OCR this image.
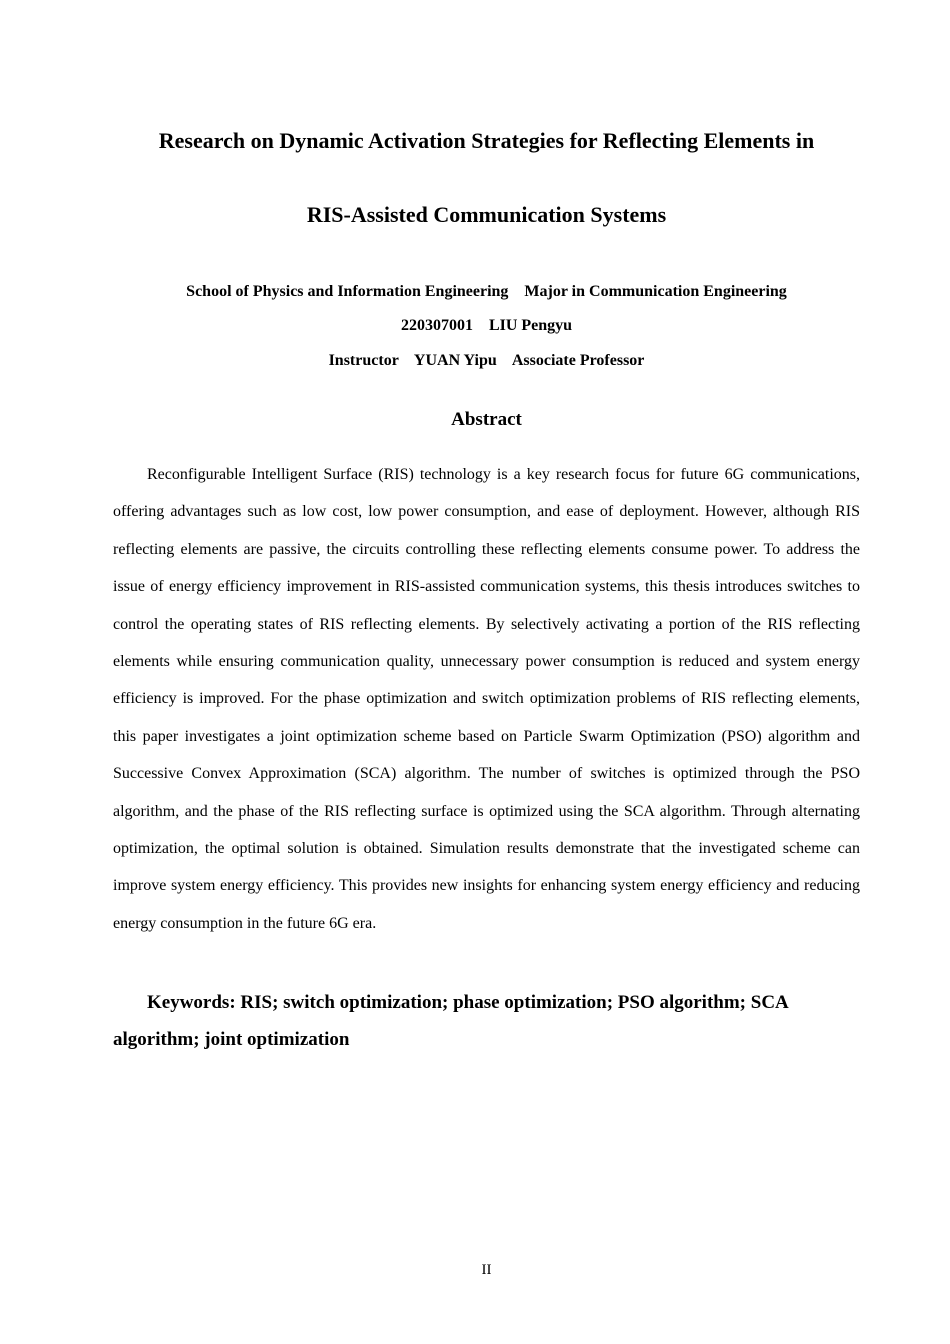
Research on Dynamic Activation Strategies for Reflecting Elements in
RIS-Assisted Communication Systems
School of Physics and Information Engineering    Major in Communication Engineering
220307001    LIU Pengyu
Instructor    YUAN Yipu    Associate Professor
Abstract

Reconfigurable Intelligent Surface (RIS) technology is a key research focus for future 6G communications, offering advantages such as low cost, low power consumption, and ease of deployment. However, although RIS reflecting elements are passive, the circuits controlling these reflecting elements consume power. To address the issue of energy efficiency improvement in RIS-assisted communication systems, this thesis introduces switches to control the operating states of RIS reflecting elements. By selectively activating a portion of the RIS reflecting elements while ensuring communication quality, unnecessary power consumption is reduced and system energy efficiency is improved. For the phase optimization and switch optimization problems of RIS reflecting elements, this paper investigates a joint optimization scheme based on Particle Swarm Optimization (PSO) algorithm and Successive Convex Approximation (SCA) algorithm. The number of switches is optimized through the PSO algorithm, and the phase of the RIS reflecting surface is optimized using the SCA algorithm. Through alternating optimization, the optimal solution is obtained. Simulation results demonstrate that the investigated scheme can improve system energy efficiency. This provides new insights for enhancing system energy efficiency and reducing energy consumption in the future 6G era.

Keywords: RIS; switch optimization; phase optimization; PSO algorithm; SCA algorithm; joint optimization

II
